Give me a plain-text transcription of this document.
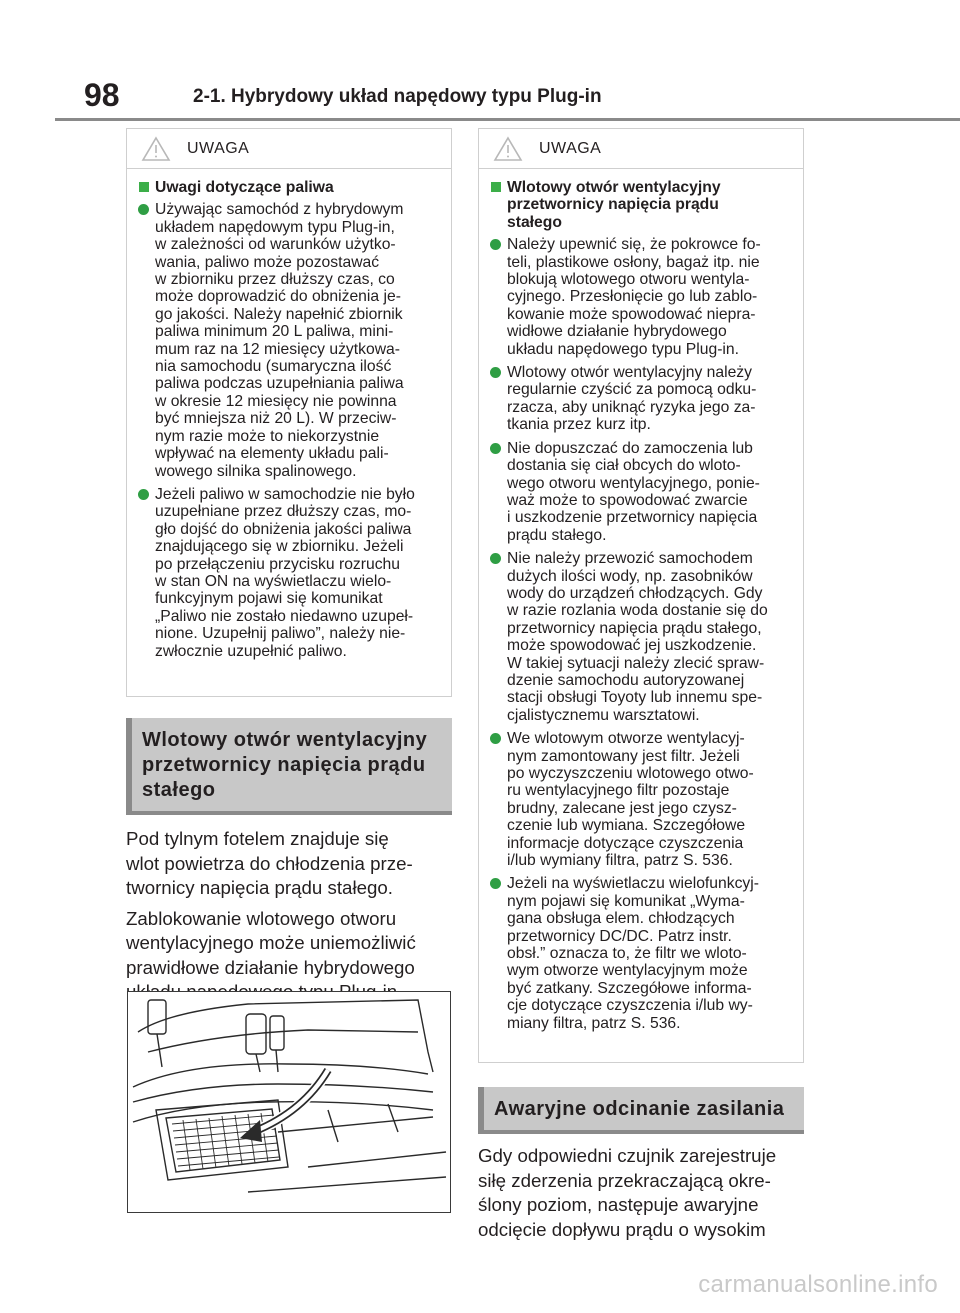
98	2-1. Hybrydowy układ napędowy typu Plug-in
UWAGA
Uwagi dotyczące paliwa
Używając samochód z hybrydowym
układem napędowym typu Plug-in,
w zależności od warunków użytko-
wania, paliwo może pozostawać
w zbiorniku przez dłuższy czas, co
może doprowadzić do obniżenia je-
go jakości. Należy napełnić zbiornik
paliwa minimum 20 L paliwa, mini-
mum raz na 12 miesięcy użytkowa-
nia samochodu (sumaryczna ilość
paliwa podczas uzupełniania paliwa
w okresie 12 miesięcy nie powinna
być mniejsza niż 20 L). W przeciw-
nym razie może to niekorzystnie
wpływać na elementy układu pali-
wowego silnika spalinowego.
Jeżeli paliwo w samochodzie nie było
uzupełniane przez dłuższy czas, mo-
gło dojść do obniżenia jakości paliwa
znajdującego się w zbiorniku. Jeżeli
po przełączeniu przycisku rozruchu
w stan ON na wyświetlaczu wielo-
funkcyjnym pojawi się komunikat
„Paliwo nie zostało niedawno uzupeł-
nione. Uzupełnij paliwo”, należy nie-
zwłocznie uzupełnić paliwo.
Wlotowy otwór wentylacyjny
przetwornicy napięcia prądu
stałego

Pod tylnym fotelem znajduje się
wlot powietrza do chłodzenia prze-
twornicy napięcia prądu stałego.

Zablokowanie wlotowego otworu
wentylacyjnego może uniemożliwić
prawidłowe działanie hybrydowego

UWAGA
Wlotowy otwór wentylacyjny
przetwornicy napięcia prądu
stałego
Należy upewnić się, że pokrowce fo-
teli, plastikowe osłony, bagaż itp. nie
blokują wlotowego otworu wentyla-
cyjnego. Przesłonięcie go lub zablo-
kowanie może spowodować niepra-
widłowe działanie hybrydowego
układu napędowego typu Plug-in.
Wlotowy otwór wentylacyjny należy
regularnie czyścić za pomocą odku-
rzacza, aby uniknąć ryzyka jego za-
tkania przez kurz itp.
Nie dopuszczać do zamoczenia lub
dostania się ciał obcych do wloto-
wego otworu wentylacyjnego, ponie-
waż może to spowodować zwarcie
i uszkodzenie przetwornicy napięcia
prądu stałego.
Nie należy przewozić samochodem
dużych ilości wody, np. zasobników
wody do urządzeń chłodzących. Gdy
w razie rozlania woda dostanie się do
przetwornicy napięcia prądu stałego,
może spowodować jej uszkodzenie.
W takiej sytuacji należy zlecić spraw-
dzenie samochodu autoryzowanej
stacji obsługi Toyoty lub innemu spe-
cjalistycznemu warsztatowi.
We wlotowym otworze wentylacyj-
nym zamontowany jest filtr. Jeżeli
po wyczyszczeniu wlotowego otwo-
ru wentylacyjnego filtr pozostaje
brudny, zalecane jest jego czysz-
czenie lub wymiana. Szczegółowe
informacje dotyczące czyszczenia
i/lub wymiany filtra, patrz S. 536.
Jeżeli na wyświetlaczu wielofunkcyj-
nym pojawi się komunikat „Wyma-
gana obsługa elem. chłodzących
przetwornicy DC/DC. Patrz instr.
obsł.” oznacza to, że filtr we wloto-
wym otworze wentylacyjnym może
być zatkany. Szczegółowe informa-
cje dotyczące czyszczenia i/lub wy-
miany filtra, patrz S. 536.
Awaryjne odcinanie zasilania

Gdy odpowiedni czujnik zarejestruje
siłę zderzenia przekraczającą okre-
ślony poziom, następuje awaryjne
odcięcie dopływu prądu o wysokim

carmanualsonline.info
